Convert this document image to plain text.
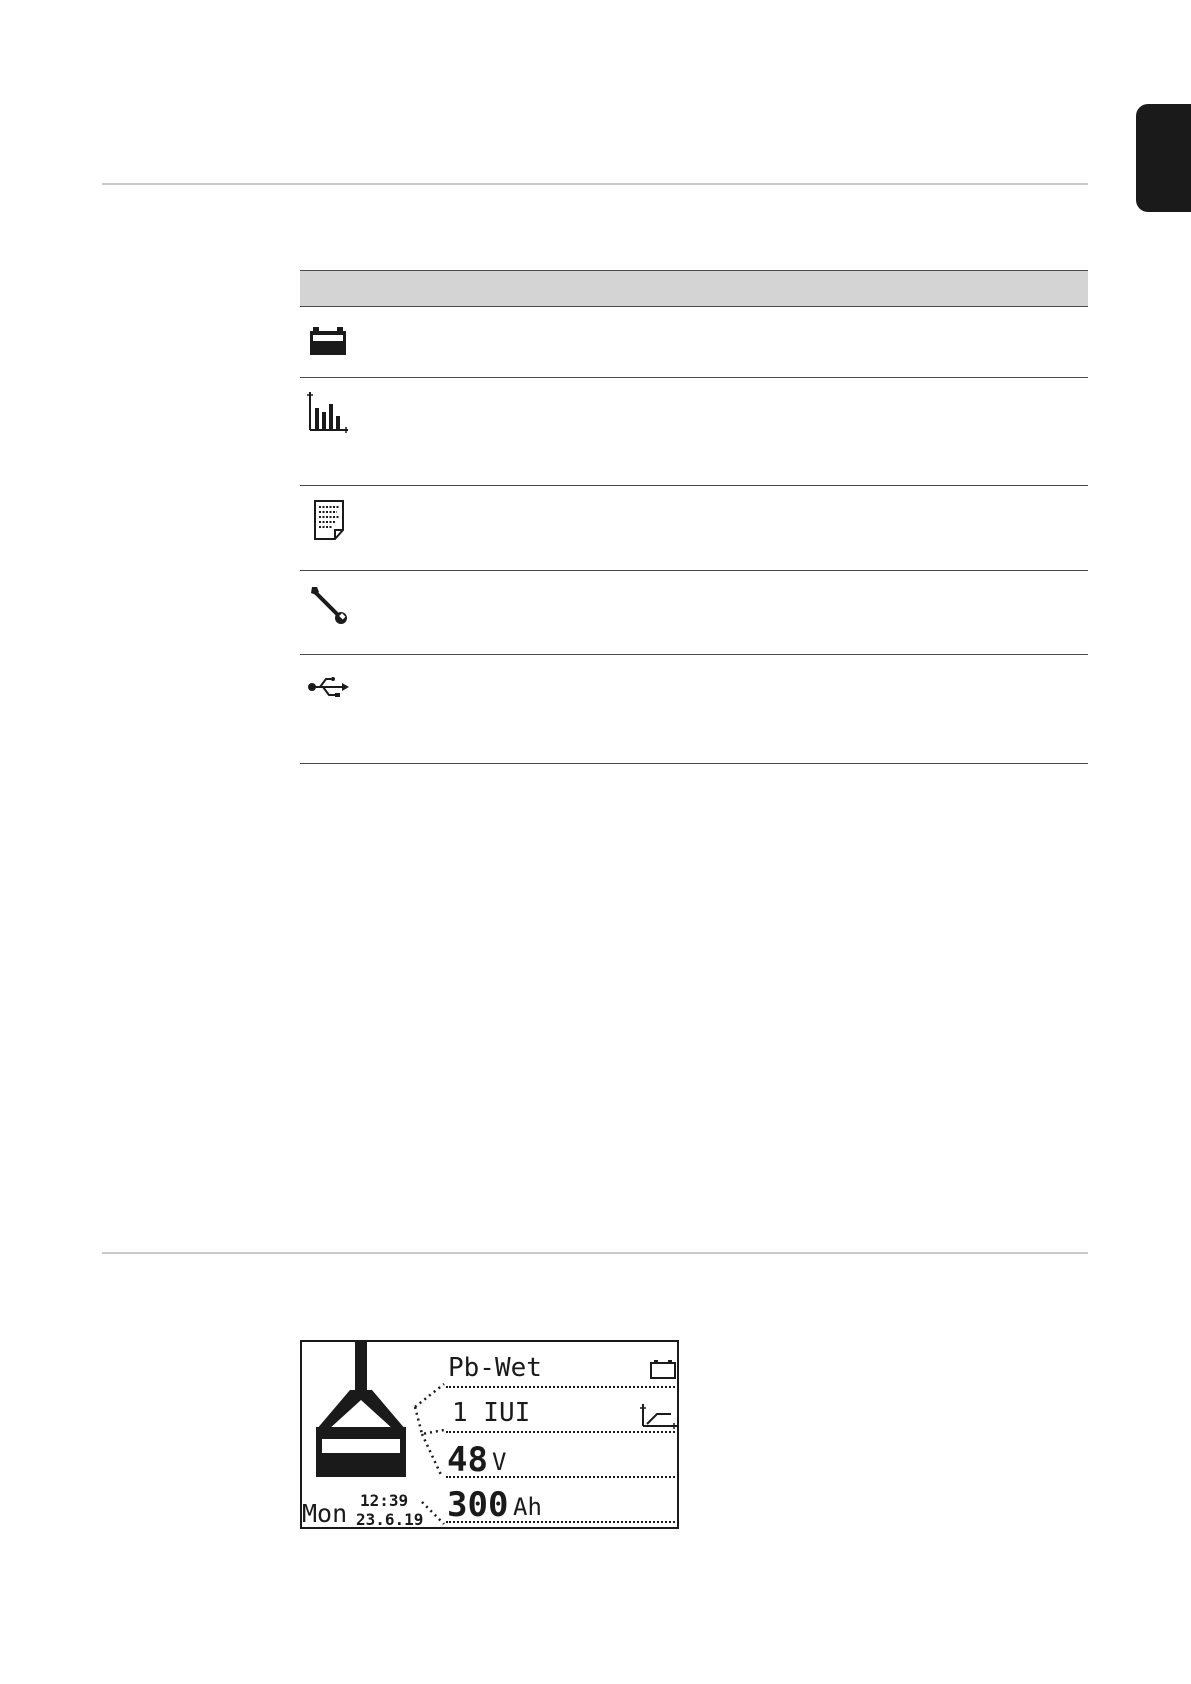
Pb-Wet
1 IUI
48 V
300 Ah
Mon 12:39
23.6.19
